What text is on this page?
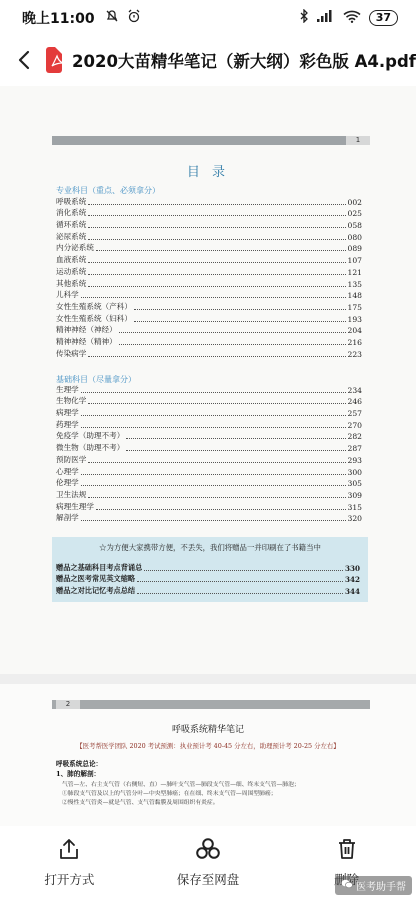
晚上11:00	37
2020大苗精华笔记（新大纲）彩色版 A4.pdf
1
目 录
专业科目（重点、必须拿分）
呼吸系统	002
消化系统	025
循环系统	058
泌尿系统	080
内分泌系统	089
血液系统	107
运动系统	121
其他系统	135
儿科学	148
女性生殖系统（产科）	175
女性生殖系统（妇科）	193
精神神经（神经）	204
精神神经（精神）	216
传染病学	223
基础科目（尽量拿分）
生理学	234
生物化学	246
病理学	257
药理学	270
免疫学（助理不考）	282
微生物（助理不考）	287
预防医学	293
心理学	300
伦理学	305
卫生法规	309
病理生理学	315
解剖学	320
☆为方便大家携带方便，不丢失，我们将赠品一并印刷在了书籍当中
赠品之基础科目考点背诵总	330
赠品之医考常见英文缩略	342
赠品之对比记忆考点总结	344
2
呼吸系统精华笔记
【医考帮医学团队 2020 考试预测：执业预计考 40-45 分左右，助理预计考 20-25 分左右】
呼吸系统总论：
1、肺的解剖：
气管—左、右主支气管（右侧短、直）—肺叶支气管—肺段支气管—细、终末支气管—肺泡；
①肺段支气管及以上的气管分叶—中央型肺癌；在在细、终末支气管—周围型肺癌；
②慢性支气管炎—就是气管、支气管黏膜及周围组织有炎症。
打开方式	保存至网盘
医考助手帮
